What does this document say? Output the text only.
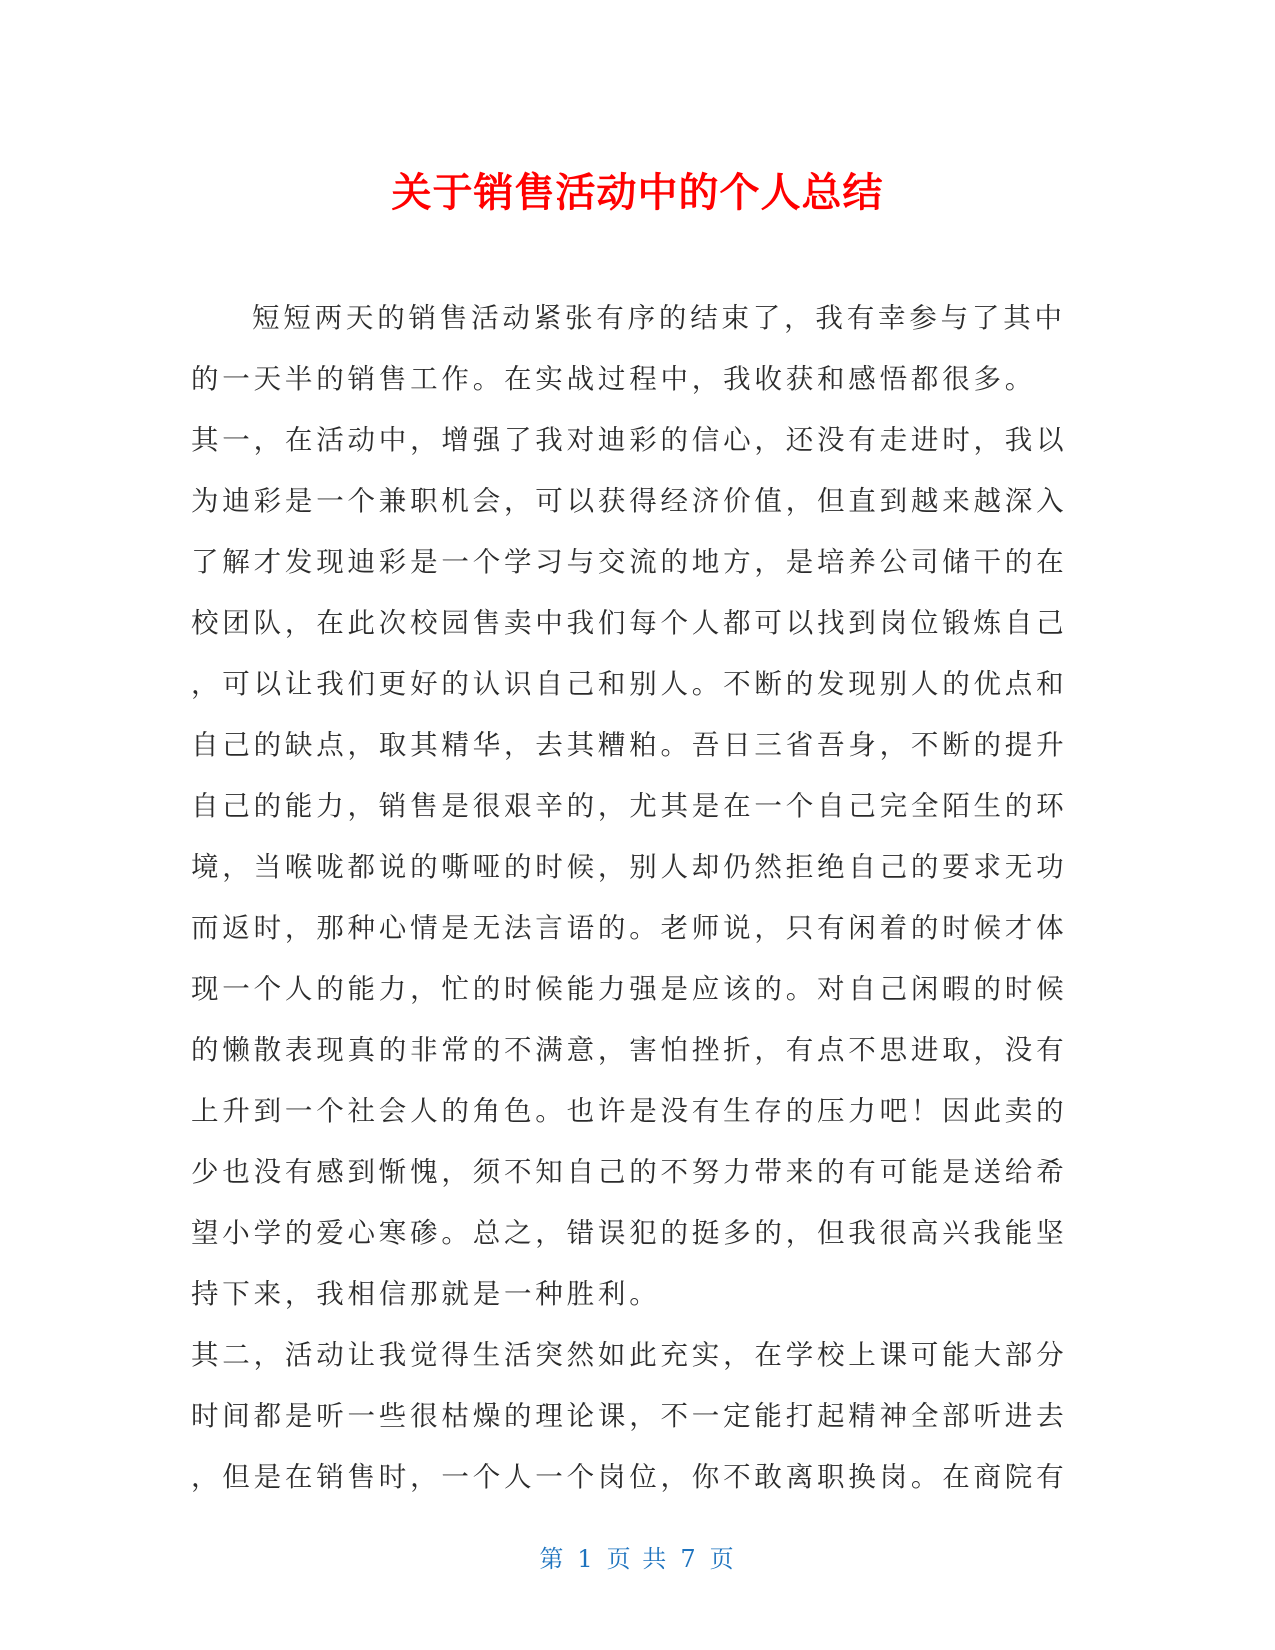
关于销售活动中的个人总结
短短两天的销售活动紧张有序的结束了，我有幸参与了其中
的一天半的销售工作。在实战过程中，我收获和感悟都很多。
其一，在活动中，增强了我对迪彩的信心，还没有走进时，我以
为迪彩是一个兼职机会，可以获得经济价值，但直到越来越深入
了解才发现迪彩是一个学习与交流的地方，是培养公司储干的在
校团队，在此次校园售卖中我们每个人都可以找到岗位锻炼自己
，可以让我们更好的认识自己和别人。不断的发现别人的优点和
自己的缺点，取其精华，去其糟粕。吾日三省吾身，不断的提升
自己的能力，销售是很艰辛的，尤其是在一个自己完全陌生的环
境，当喉咙都说的嘶哑的时候，别人却仍然拒绝自己的要求无功
而返时，那种心情是无法言语的。老师说，只有闲着的时候才体
现一个人的能力，忙的时候能力强是应该的。对自己闲暇的时候
的懒散表现真的非常的不满意，害怕挫折，有点不思进取，没有
上升到一个社会人的角色。也许是没有生存的压力吧！因此卖的
少也没有感到惭愧，须不知自己的不努力带来的有可能是送给希
望小学的爱心寒碜。总之，错误犯的挺多的，但我很高兴我能坚
持下来，我相信那就是一种胜利。
其二，活动让我觉得生活突然如此充实，在学校上课可能大部分
时间都是听一些很枯燥的理论课，不一定能打起精神全部听进去
，但是在销售时，一个人一个岗位，你不敢离职换岗。在商院有
第 1 页 共 7 页
